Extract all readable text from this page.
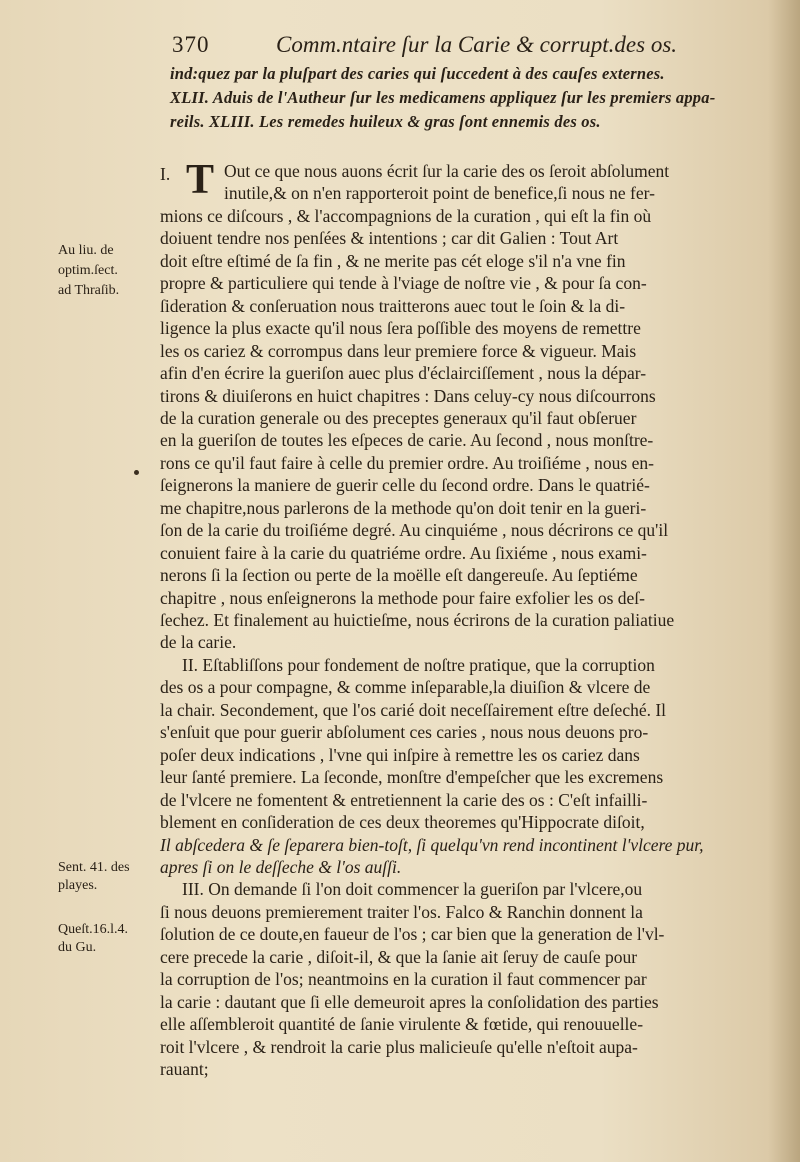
370	Comm.ntaire ſur la Carie & corrupt.des os.
ind:quez par la pluſpart des caries qui ſuccedent à des cauſes externes.
XLII. Aduis de l'Autheur ſur les medicamens appliquez ſur les premiers appa-
reils. XLIII. Les remedes huileux & gras ſont ennemis des os.
I. T Out ce que nous auons écrit ſur la carie des os ſeroit abſolument
inutile,& on n'en rapporteroit point de benefice,ſi nous ne fer-
mions ce diſcours , & l'accompagnions de la curation , qui eſt la fin où
doiuent tendre nos penſées & intentions ; car dit Galien : Tout Art
doit eſtre eſtimé de ſa fin , & ne merite pas cét eloge s'il n'a vne fin
propre & particuliere qui tende à l'viage de noſtre vie , & pour ſa con-
ſideration & conſeruation nous traitterons auec tout le ſoin & la di-
ligence la plus exacte qu'il nous ſera poſſible des moyens de remettre
les os cariez & corrompus dans leur premiere force & vigueur. Mais
afin d'en écrire la gueriſon auec plus d'éclairciſſement , nous la dépar-
tirons & diuiſerons en huict chapitres : Dans celuy-cy nous diſcourrons
de la curation generale ou des preceptes generaux qu'il faut obſeruer
en la gueriſon de toutes les eſpeces de carie. Au ſecond , nous monſtre-
rons ce qu'il faut faire à celle du premier ordre. Au troiſiéme , nous en-
ſeignerons la maniere de guerir celle du ſecond ordre. Dans le quatrié-
me chapitre,nous parlerons de la methode qu'on doit tenir en la gueri-
ſon de la carie du troiſiéme degré. Au cinquiéme , nous décrirons ce qu'il
conuient faire à la carie du quatriéme ordre. Au ſixiéme , nous exami-
nerons ſi la ſection ou perte de la moëlle eſt dangereuſe. Au ſeptiéme
chapitre , nous enſeignerons la methode pour faire exfolier les os deſ-
ſechez. Et finalement au huictieſme, nous écrirons de la curation paliatiue
de la carie.
II. Eſtabliſſons pour fondement de noſtre pratique, que la corruption
des os a pour compagne, & comme inſeparable,la diuiſion & vlcere de
la chair. Secondement, que l'os carié doit neceſſairement eſtre deſeché. Il
s'enſuit que pour guerir abſolument ces caries , nous nous deuons pro-
poſer deux indications , l'vne qui inſpire à remettre les os cariez dans
leur ſanté premiere. La ſeconde, monſtre d'empeſcher que les excremens
de l'vlcere ne fomentent & entretiennent la carie des os : C'eſt infailli-
blement en conſideration de ces deux theoremes qu'Hippocrate diſoit,
Il abſcedera & ſe ſeparera bien-toſt, ſi quelqu'vn rend incontinent l'vlcere pur,
apres ſi on le deſſeche & l'os auſſi.
III. On demande ſi l'on doit commencer la gueriſon par l'vlcere,ou
ſi nous deuons premierement traiter l'os. Falco & Ranchin donnent la
ſolution de ce doute,en faueur de l'os ; car bien que la generation de l'vl-
cere precede la carie , diſoit-il, & que la ſanie ait ſeruy de cauſe pour
la corruption de l'os; neantmoins en la curation il faut commencer par
la carie : dautant que ſi elle demeuroit apres la conſolidation des parties
elle aſſembleroit quantité de ſanie virulente & fœtide, qui renouuelle-
roit l'vlcere , & rendroit la carie plus malicieuſe qu'elle n'eſtoit aupa-
rauant;
Au liu. de
optim.ſect.
ad Thraſib.
Sent. 41. des
playes.
Queſt.16.l.4.
du Gu.
